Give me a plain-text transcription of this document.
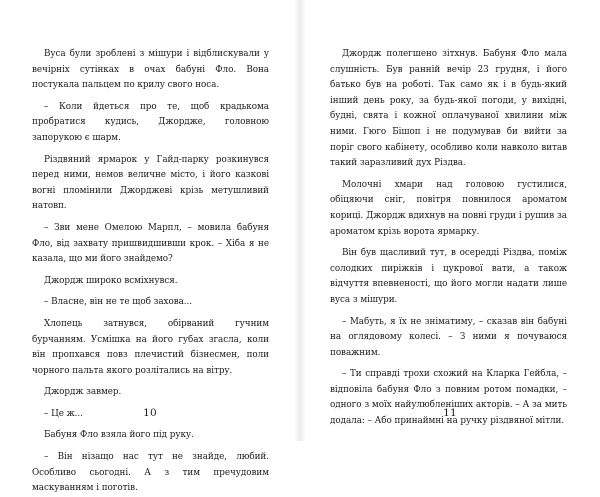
Вуса були зроблені з мішури і відблискували у вечірніх сутінках в очах бабуні Фло. Вона постукала пальцем по крилу свого носа.

– Коли йдеться про те, щоб крадькома пробратися кудись, Джордже, головною запорукою є шарм.

Різдвяний ярмарок у Гайд-парку розкинувся перед ними, немов величне місто, і його казкові вогні пломінили Джорджеві крізь метушливий натовп.

– Зви мене Омелою Марпл, – мовила бабуня Фло, від захвату пришвидшивши крок. – Хіба я не казала, що ми його знайдемо?

Джордж широко всміхнувся.

– Власне, він не те щоб захова...

Хлопець затнувся, обірваний гучним бурчанням. Усмішка на його губах згасла, коли він пропхався повз плечистий бізнесмен, поли чорного пальта якого розлітались на вітру.

Джордж завмер.

– Це ж...

Бабуня Фло взяла його під руку.

– Він нізащо нас тут не знайде, любий. Особливо сьогодні. А з тим пречудовим маскуванням і поготів.

10

Джордж полегшено зітхнув. Бабуня Фло мала слушність. Був ранній вечір 23 грудня, і його батько був на роботі. Так само як і в будь-який інший день року, за будь-якої погоди, у вихідні, будні, свята і кожної оплачуваної хвилини між ними. Гюго Бішоп і не подумував би вийти за поріг свого кабінету, особливо коли навколо витав такий заразливий дух Різдва.

Молочні хмари над головою густилися, обіцяючи сніг, повітря повнилося ароматом кориці. Джордж вдихнув на повні груди і рушив за ароматом крізь ворота ярмарку.

Він був щасливий тут, в осередді Різдва, поміж солодких пиріжків і цукрової вати, а також відчуття впевненості, що його могли надати лише вуса з мішури.

– Мабуть, я їх не зніматиму, – сказав він бабуні на оглядовому колесі. – З ними я почуваюся поважним.

– Ти справді трохи схожий на Кларка Гейбла, – відповіла бабуня Фло з повним ротом помадки, – одного з моїх найулюбленіших акторів. – А за мить додала: – Або принаймні на ручку різдвяної мітли.

11
